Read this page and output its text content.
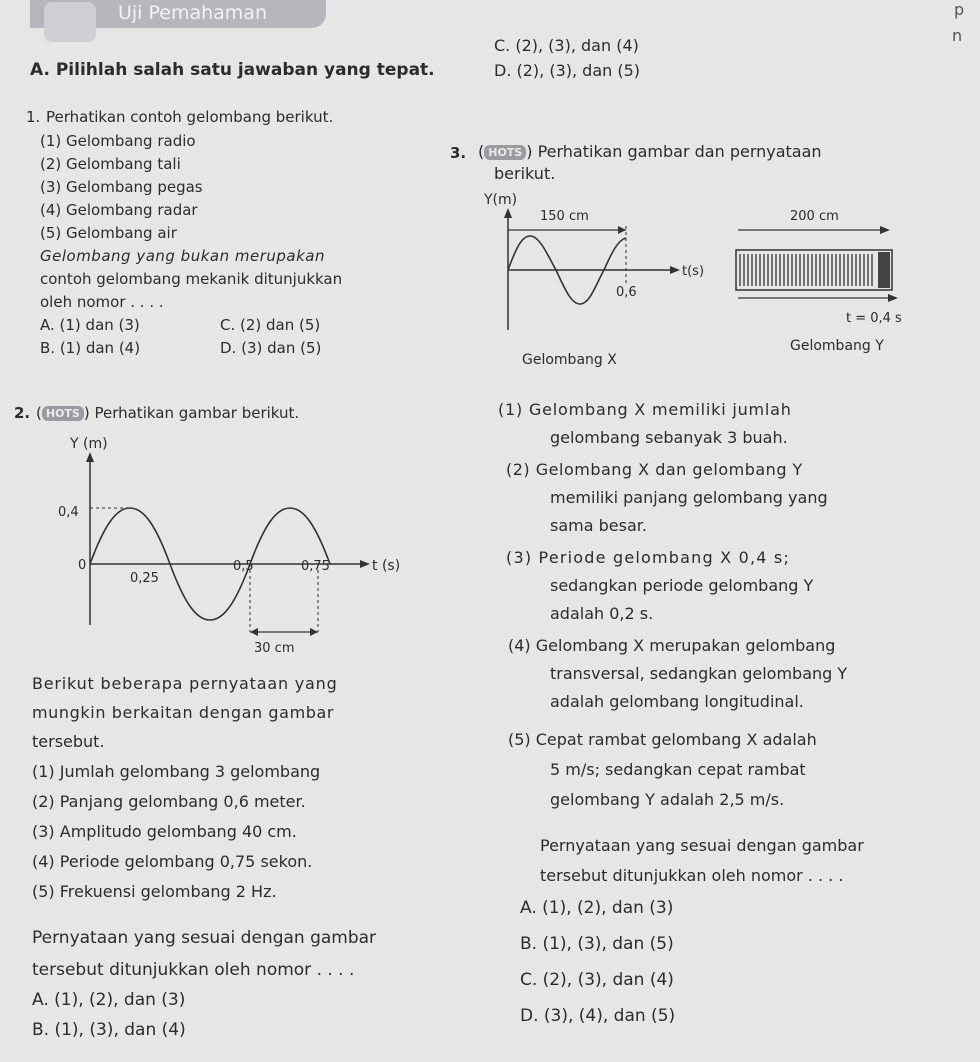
Uji Pemahaman	p
n
A. Pilihlah salah satu jawaban yang tepat.
C. (2), (3), dan (4)
D. (2), (3), dan (5)
1. Perhatikan contoh gelombang berikut.
(1) Gelombang radio
(2) Gelombang tali
(3) Gelombang pegas
(4) Gelombang radar
(5) Gelombang air
Gelombang yang bukan merupakan
contoh gelombang mekanik ditunjukkan
oleh nomor . . . .
A. (1) dan (3)	C. (2) dan (5)
B. (1) dan (4)	D. (3) dan (5)
2. ( HOTS ) Perhatikan gambar berikut.
Y (m)
0,4
0
0,25
0,5	0,75	t (s)
30 cm
Berikut beberapa pernyataan yang
mungkin berkaitan dengan gambar
tersebut.
(1) Jumlah gelombang 3 gelombang
(2) Panjang gelombang 0,6 meter.
(3) Amplitudo gelombang 40 cm.
(4) Periode gelombang 0,75 sekon.
(5) Frekuensi gelombang 2 Hz.
Pernyataan yang sesuai dengan gambar
tersebut ditunjukkan oleh nomor . . . .
A. (1), (2), dan (3)
B. (1), (3), dan (4)
3. ( HOTS ) Perhatikan gambar dan pernyataan
berikut.
Y(m)
150 cm
0,6
t(s)
Gelombang X
200 cm
t = 0,4 s
Gelombang Y
(1) Gelombang X memiliki jumlah
gelombang sebanyak 3 buah.
(2) Gelombang X dan gelombang Y
memiliki panjang gelombang yang
sama besar.
(3) Periode gelombang X 0,4 s;
sedangkan periode gelombang Y
adalah 0,2 s.
(4) Gelombang X merupakan gelombang
transversal, sedangkan gelombang Y
adalah gelombang longitudinal.
(5) Cepat rambat gelombang X adalah
5 m/s; sedangkan cepat rambat
gelombang Y adalah 2,5 m/s.
Pernyataan yang sesuai dengan gambar
tersebut ditunjukkan oleh nomor . . . .
A. (1), (2), dan (3)
B. (1), (3), dan (5)
C. (2), (3), dan (4)
D. (3), (4), dan (5)
